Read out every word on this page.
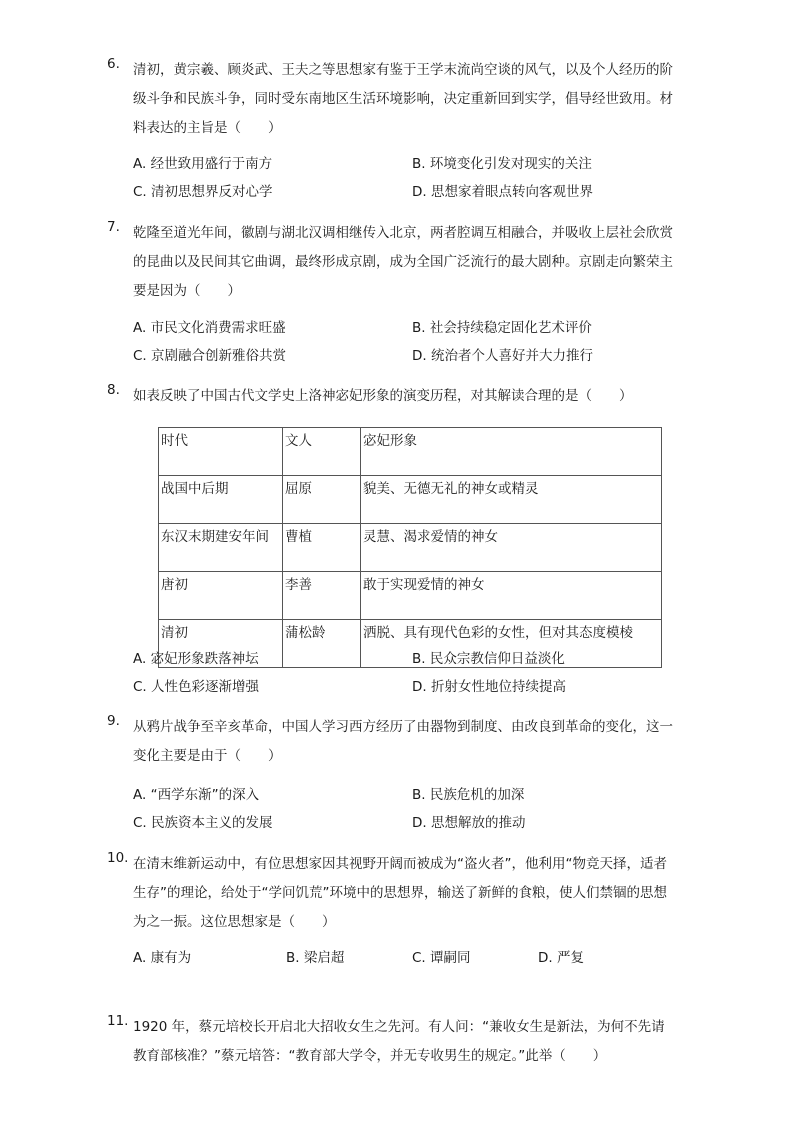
6. 清初，黄宗羲、顾炎武、王夫之等思想家有鉴于王学末流尚空谈的风气，以及个人经历的阶级斗争和民族斗争，同时受东南地区生活环境影响，决定重新回到实学，倡导经世致用。材料表达的主旨是（　　）

A. 经世致用盛行于南方	B. 环境变化引发对现实的关注
C. 清初思想界反对心学	D. 思想家着眼点转向客观世界
7. 乾隆至道光年间，徽剧与湖北汉调相继传入北京，两者腔调互相融合，并吸收上层社会欣赏的昆曲以及民间其它曲调，最终形成京剧，成为全国广泛流行的最大剧种。京剧走向繁荣主要是因为（　　）

A. 市民文化消费需求旺盛	B. 社会持续稳定固化艺术评价
C. 京剧融合创新雅俗共赏	D. 统治者个人喜好并大力推行
8. 如表反映了中国古代文学史上洛神宓妃形象的演变历程，对其解读合理的是（　　）

时代	文人	宓妃形象
战国中后期	屈原	貌美、无德无礼的神女或精灵
东汉末期建安年间	曹植	灵慧、渴求爱情的神女
唐初	李善	敢于实现爱情的神女
清初	蒲松龄	洒脱、具有现代色彩的女性，但对其态度模棱
A. 宓妃形象跌落神坛	B. 民众宗教信仰日益淡化
C. 人性色彩逐渐增强	D. 折射女性地位持续提高
9. 从鸦片战争至辛亥革命，中国人学习西方经历了由器物到制度、由改良到革命的变化，这一变化主要是由于（　　）

A. “西学东渐”的深入	B. 民族危机的加深
C. 民族资本主义的发展	D. 思想解放的推动
10. 在清末维新运动中，有位思想家因其视野开阔而被成为“盗火者”，他利用“物竞天择，适者生存”的理论，给处于“学问饥荒”环境中的思想界，输送了新鲜的食粮，使人们禁锢的思想为之一振。这位思想家是（　　）

A. 康有为	B. 梁启超	C. 谭嗣同	D. 严复
11. 1920 年，蔡元培校长开启北大招收女生之先河。有人问：“兼收女生是新法，为何不先请教育部核准？”蔡元培答：“教育部大学令，并无专收男生的规定。”此举（　　）
